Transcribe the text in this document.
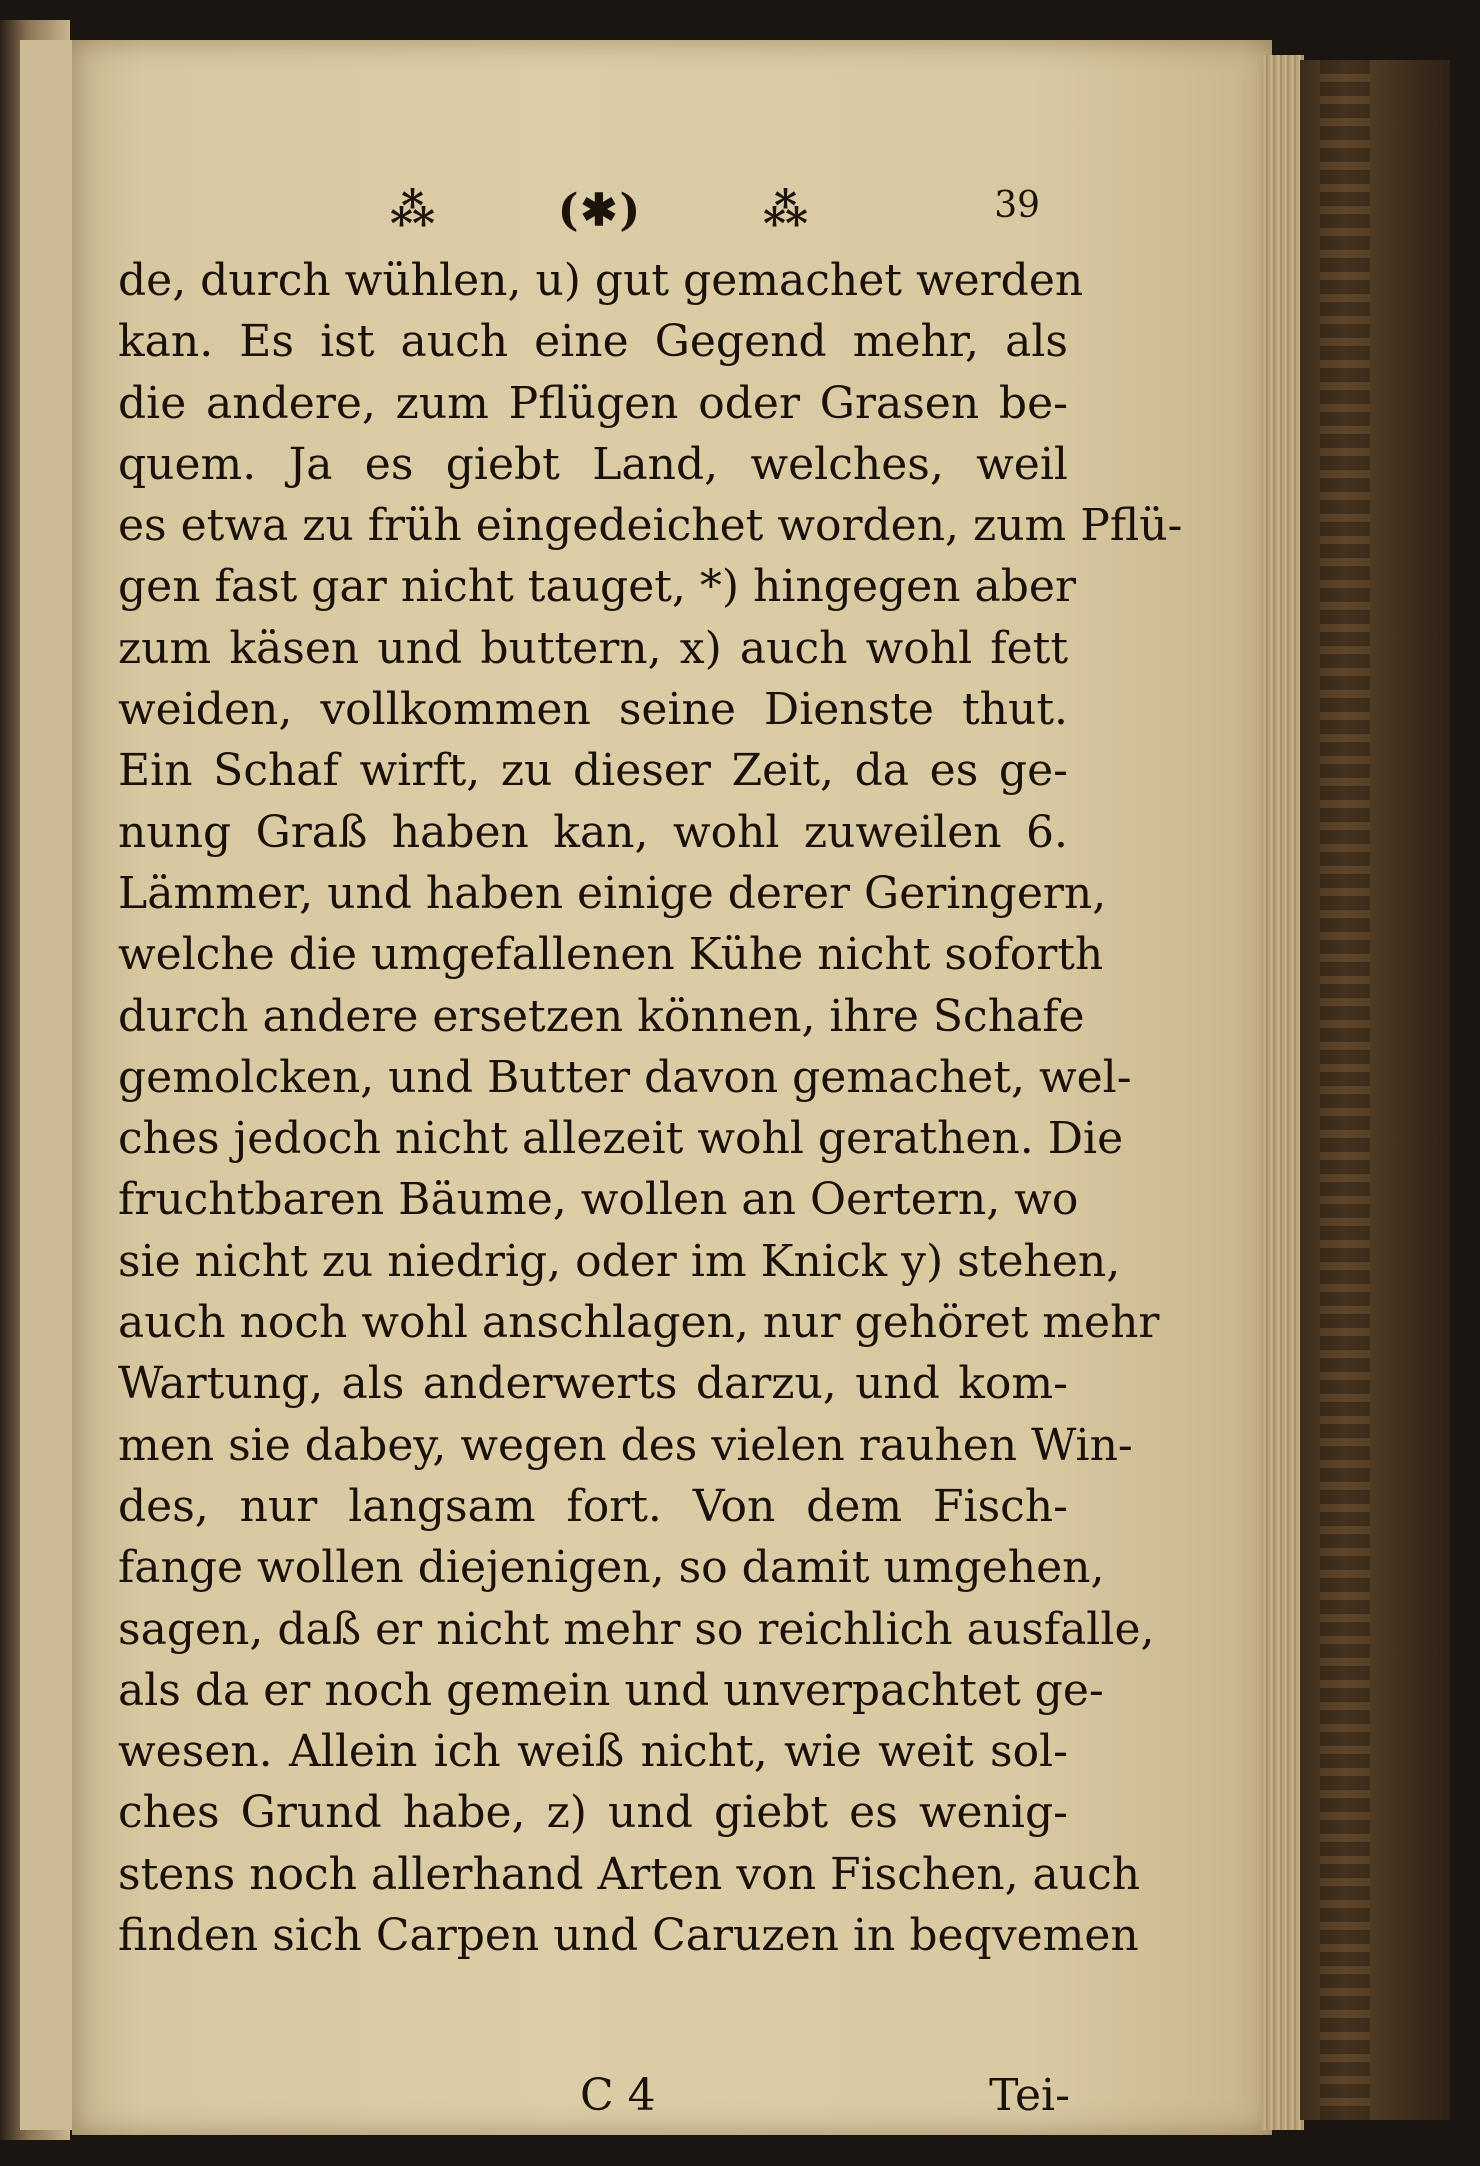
⁂	(✱)	⁂	39
de, durch wühlen, u) gut gemachet werden
kan. Es ist auch eine Gegend mehr, als
die andere, zum Pflügen oder Grasen be-
quem. Ja es giebt Land, welches, weil
es etwa zu früh eingedeichet worden, zum Pflü-
gen fast gar nicht tauget, *) hingegen aber
zum käsen und buttern, x) auch wohl fett
weiden, vollkommen seine Dienste thut.
Ein Schaf wirft, zu dieser Zeit, da es ge-
nung Graß haben kan, wohl zuweilen 6.
Lämmer, und haben einige derer Geringern,
welche die umgefallenen Kühe nicht soforth
durch andere ersetzen können, ihre Schafe
gemolcken, und Butter davon gemachet, wel-
ches jedoch nicht allezeit wohl gerathen. Die
fruchtbaren Bäume, wollen an Oertern, wo
sie nicht zu niedrig, oder im Knick y) stehen,
auch noch wohl anschlagen, nur gehöret mehr
Wartung, als anderwerts darzu, und kom-
men sie dabey, wegen des vielen rauhen Win-
des, nur langsam fort. Von dem Fisch-
fange wollen diejenigen, so damit umgehen,
sagen, daß er nicht mehr so reichlich ausfalle,
als da er noch gemein und unverpachtet ge-
wesen. Allein ich weiß nicht, wie weit sol-
ches Grund habe, z) und giebt es wenig-
stens noch allerhand Arten von Fischen, auch
finden sich Carpen und Caruzen in beqvemen
C 4	Tei-
